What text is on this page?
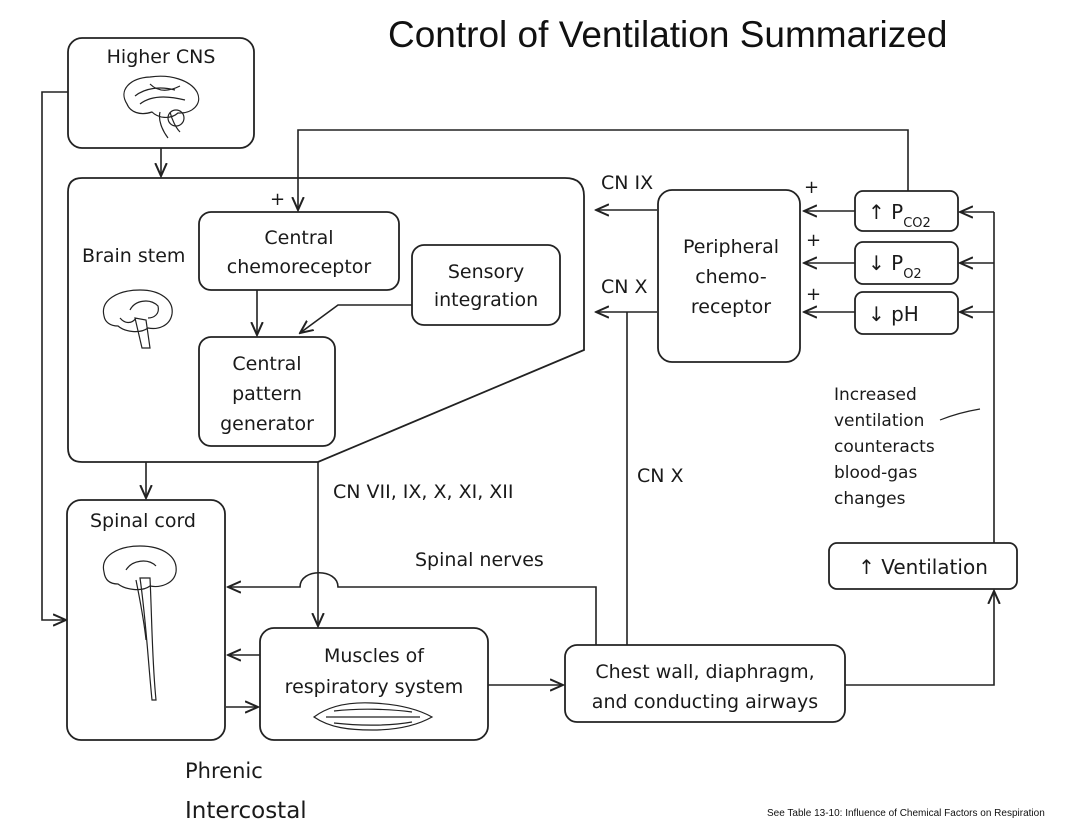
Control of Ventilation Summarized
See Table 13-10: Influence of Chemical Factors on Respiration
Higher CNS
Brain stem
Central
chemoreceptor	Sensory
integration
Central
pattern
generator
Peripheral
chemo-
receptor
↑ $P_{CO2}$
↓ $P_{O2}$
↓ pH
Spinal cord
Muscles of
respiratory system
Chest wall, diaphragm,
and conducting airways
↑ Ventilation
+
CN IX
CN X
CN X
+
+
+
Increased
ventilation
counteracts
blood-gas
changes
CN VII, IX, X, XI, XII
Spinal nerves
Phrenic
Intercostal
